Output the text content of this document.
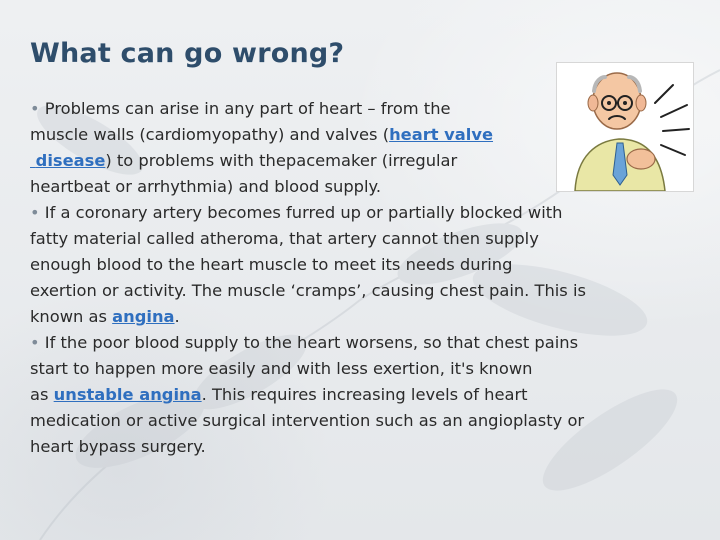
What can go wrong?
• Problems can arise in any part of heart – from the
muscle walls (cardiomyopathy) and valves (heart valve
disease) to problems with thepacemaker (irregular
heartbeat or arrhythmia) and blood supply.
• If a coronary artery becomes furred up or partially blocked with
fatty material called atheroma, that artery cannot then supply
enough blood to the heart muscle to meet its needs during
exertion or activity. The muscle ‘cramps’, causing chest pain. This is
known as angina.
• If the poor blood supply to the heart worsens, so that chest pains
start to happen more easily and with less exertion, it's known
as unstable angina. This requires increasing levels of heart
medication or active surgical intervention such as an angioplasty or
heart bypass surgery.
